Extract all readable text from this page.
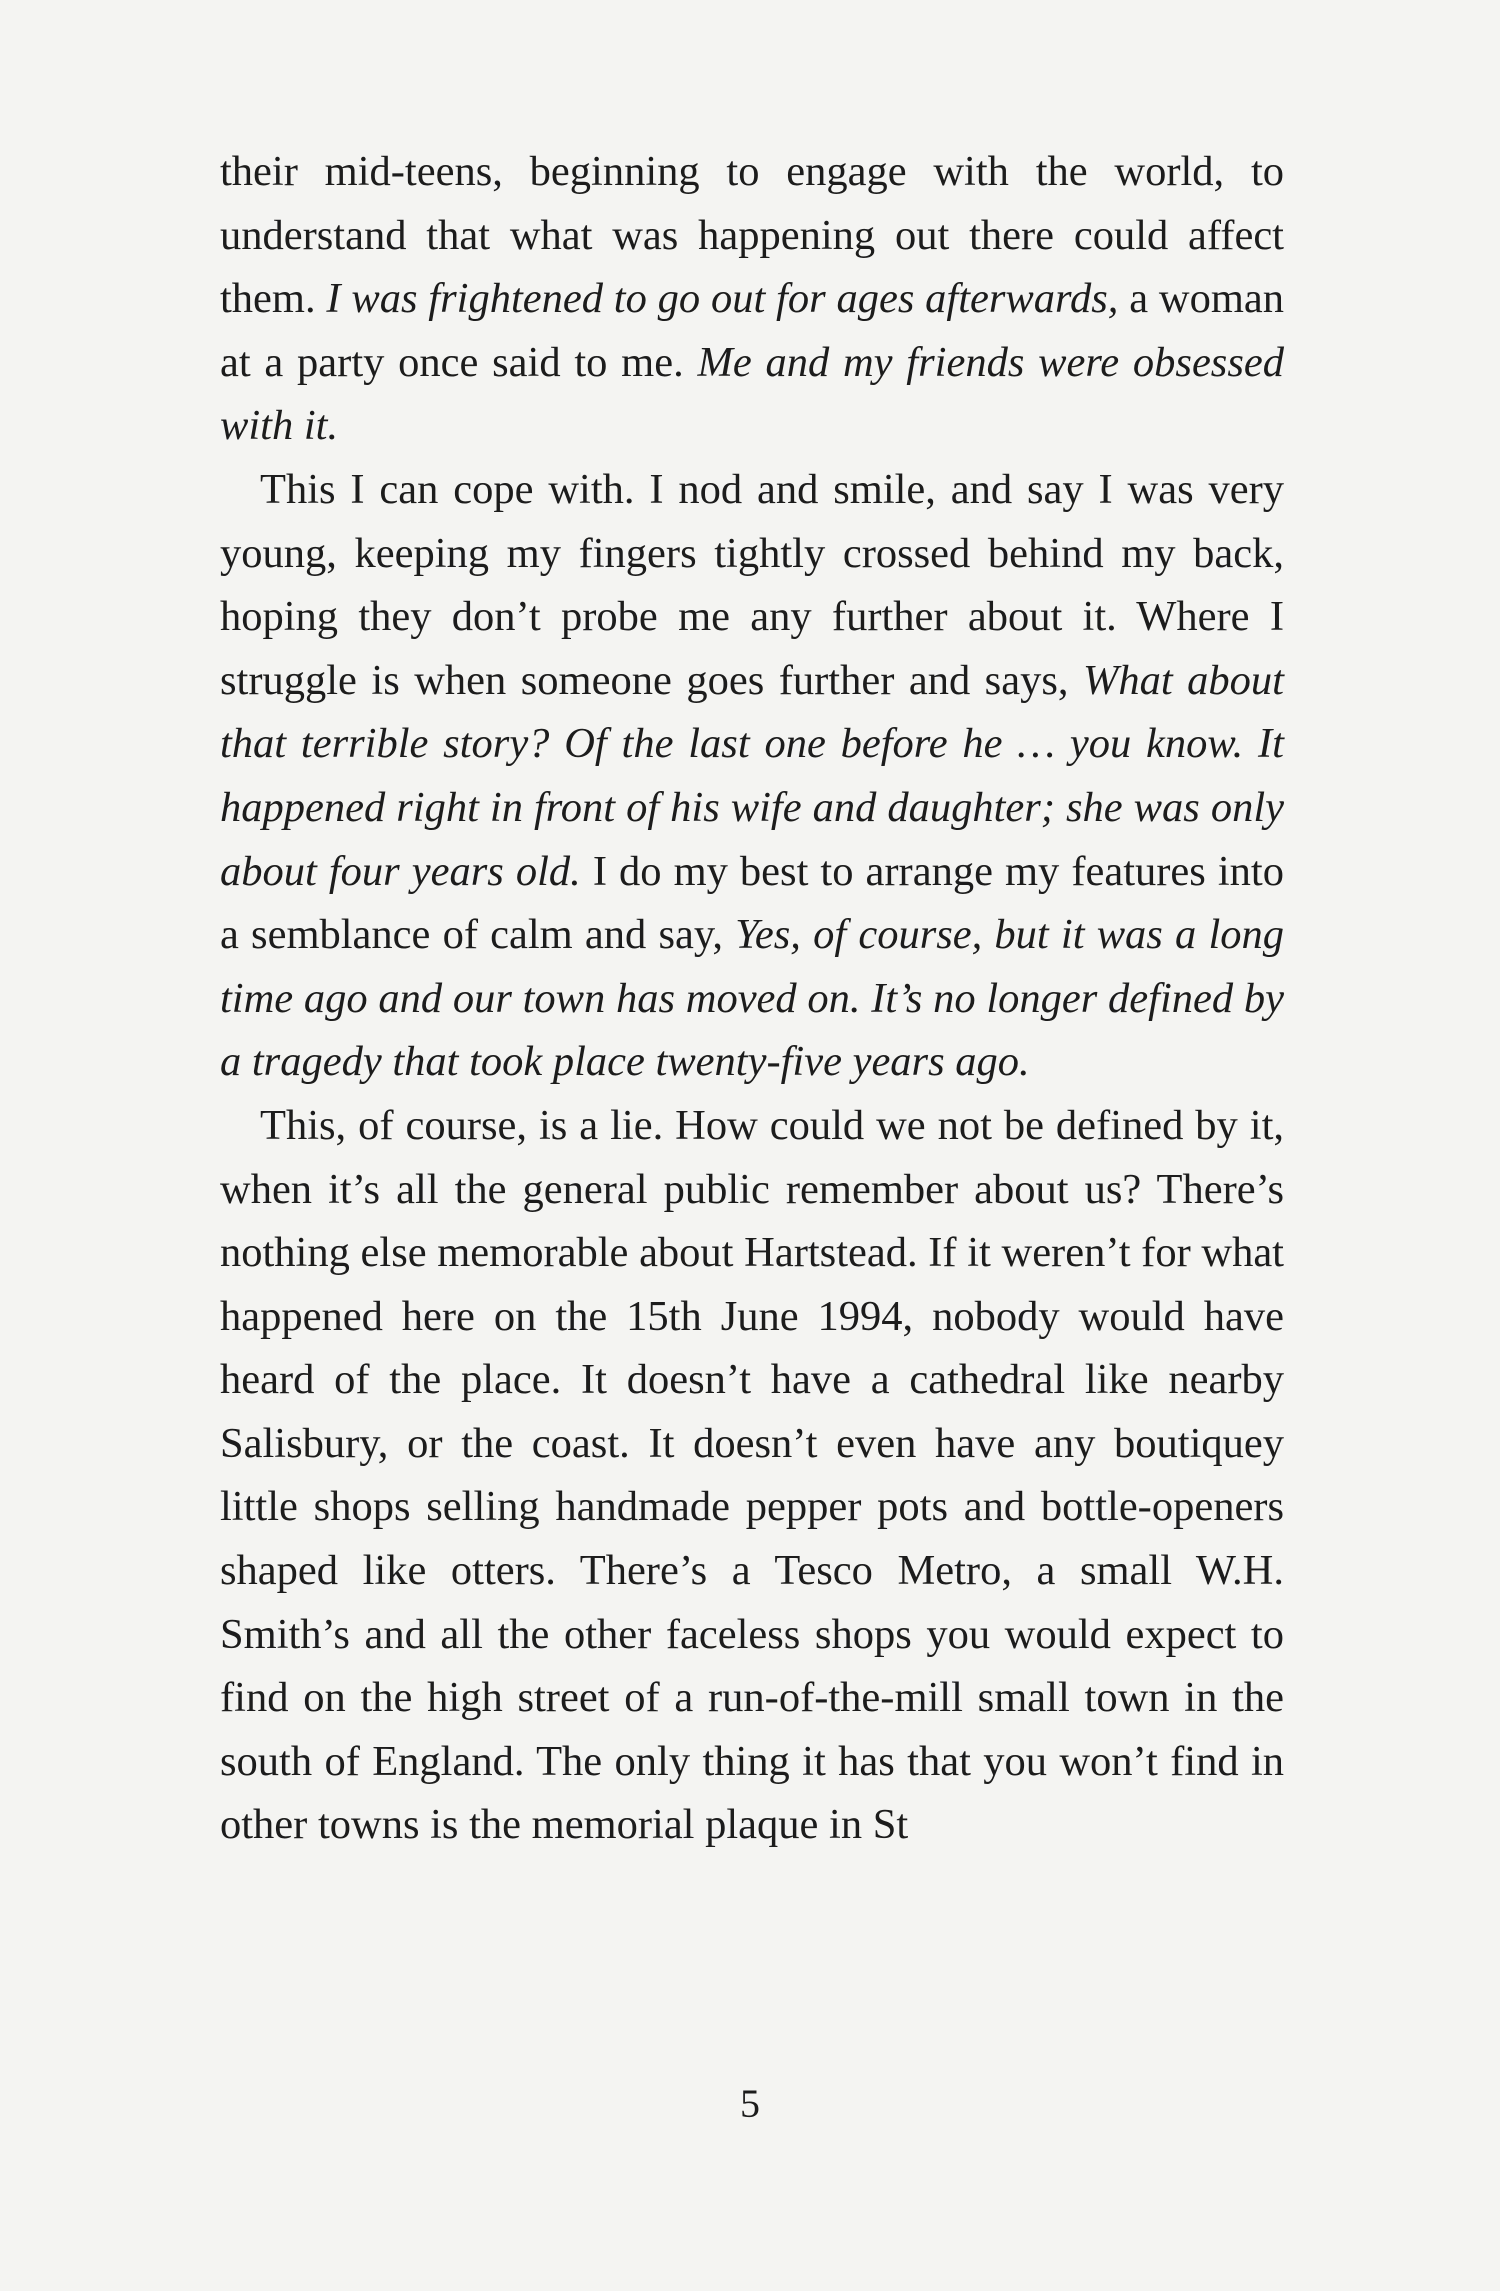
their mid-teens, beginning to engage with the world, to understand that what was happening out there could affect them. I was frightened to go out for ages afterwards, a woman at a party once said to me. Me and my friends were obsessed with it.

This I can cope with. I nod and smile, and say I was very young, keeping my fingers tightly crossed behind my back, hoping they don’t probe me any further about it. Where I struggle is when someone goes further and says, What about that terrible story? Of the last one before he … you know. It happened right in front of his wife and daughter; she was only about four years old. I do my best to arrange my features into a semblance of calm and say, Yes, of course, but it was a long time ago and our town has moved on. It’s no longer defined by a tragedy that took place twenty-five years ago.

This, of course, is a lie. How could we not be defined by it, when it’s all the general public remember about us? There’s nothing else memorable about Hartstead. If it weren’t for what happened here on the 15th June 1994, nobody would have heard of the place. It doesn’t have a cathedral like nearby Salisbury, or the coast. It doesn’t even have any boutiquey little shops selling handmade pepper pots and bottle-openers shaped like otters. There’s a Tesco Metro, a small W.H. Smith’s and all the other faceless shops you would expect to find on the high street of a run-of-the-mill small town in the south of England. The only thing it has that you won’t find in other towns is the memorial plaque in St

5
